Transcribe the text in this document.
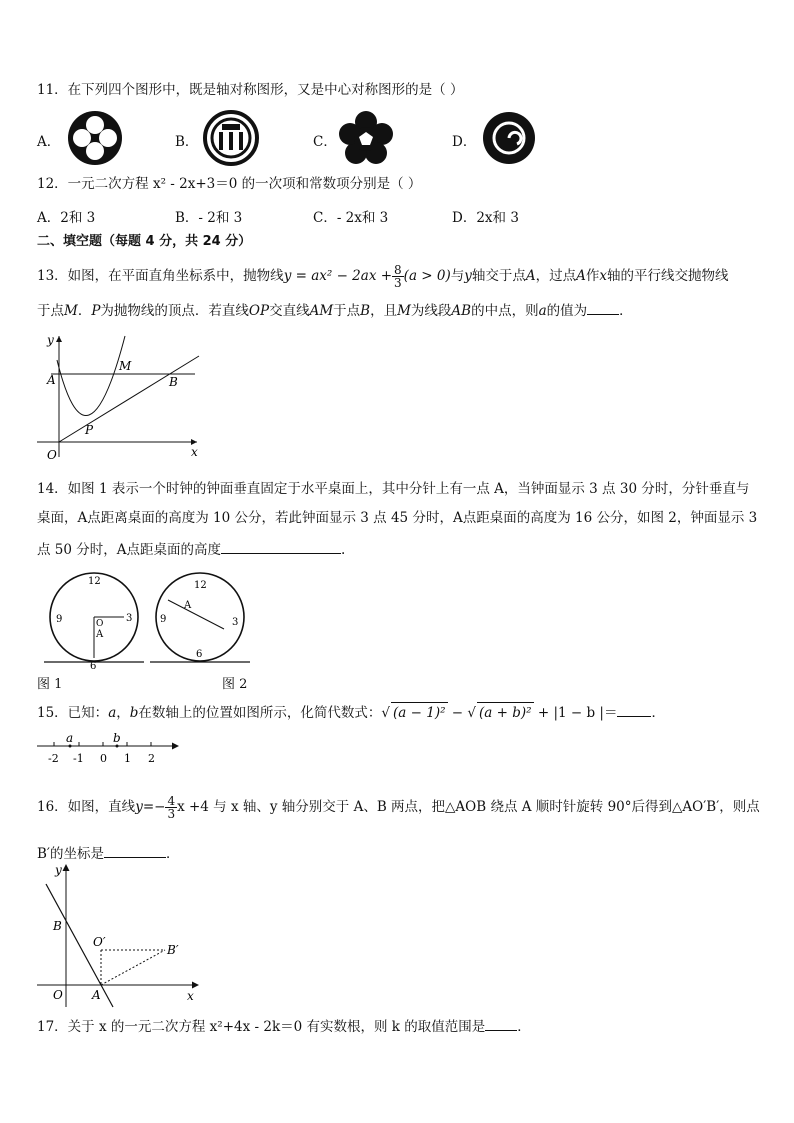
11．在下列四个图形中，既是轴对称图形，又是中心对称图形的是（ ）
A．	B．	C．	D．
12．一元二次方程 x² - 2x+3＝0 的一次项和常数项分别是（ ）
A．2和 3	B．- 2和 3	C．- 2x和 3	D．2x和 3
二、填空题（每题 4 分，共 24 分）
13．如图，在平面直角坐标系中，抛物线$y = ax^2 - 2ax + \frac{8}{3} (a > 0)$与y轴交于点A，过点A作x轴的平行线交抛物线
于点M．P为抛物线的顶点．若直线OP交直线AM于点B，且M为线段AB的中点，则a的值为 ．
y
A
M
B
P
O	x
14．如图 1 表示一个时钟的钟面垂直固定于水平桌面上，其中分针上有一点 A，当钟面显示 3 点 30 分时，分针垂直与
桌面，A点距离桌面的高度为 10 公分，若此钟面显示 3 点 45 分时，A点距桌面的高度为 16 公分，如图 2，钟面显示 3
点 50 分时，A点距桌面的高度	.
12
9	3
6
O
A
12
9	3
6
A
图 1	图 2
15．已知：a，b在数轴上的位置如图所示，化简代数式：√ (a − 1)² − √ (a + b)² + |1 − b |＝	．
a	b
-2 -1 0 1 2
16．如图，直线$y=- \frac{4}{3}$ x +4 与 x 轴、y 轴分别交于 A、B 两点，把△AOB 绕点 A 顺时针旋转 90°后得到△AO′B′，则点
B′的坐标是	．
y
B
O′
B′
O A	x
17．关于 x 的一元二次方程 x²+4x - 2k＝0 有实数根，则 k 的取值范围是 ．
